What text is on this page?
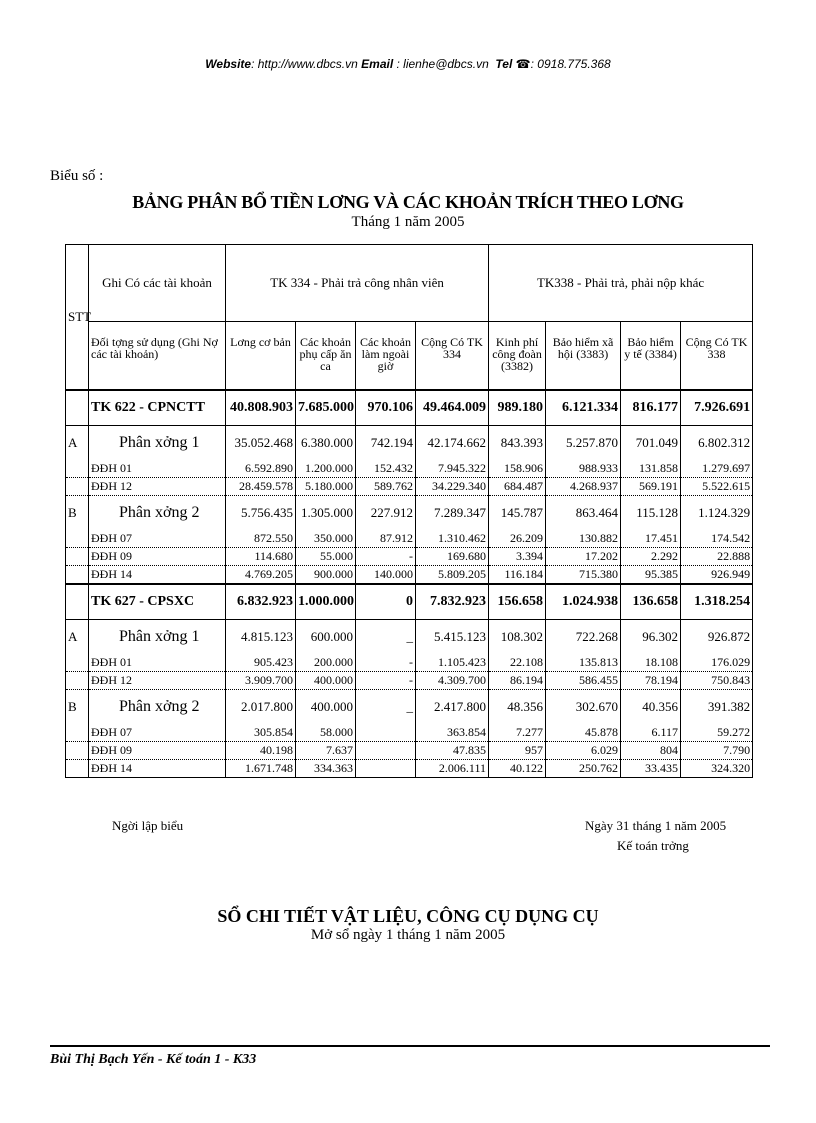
Website: http://www.dbcs.vn Email : lienhe@dbcs.vn Tel ☎: 0918.775.368
Biểu số :
BẢNG PHÂN BỔ TIỀN LƠNG VÀ CÁC KHOẢN TRÍCH THEO LƠNG
Tháng 1 năm 2005
STT	Ghi Có các tài khoản	TK 334 - Phải trả công nhân viên				TK338 - Phải trả, phải nộp khác			
	Đối tợng sử dụng (Ghi Nợ các tài khoản)	Lơng cơ bản	Các khoản phụ cấp ăn ca	Các khoản làm ngoài giờ	Cộng Có TK 334	Kinh phí công đoàn (3382)	Bảo hiểm xã hội (3383)	Bảo hiểm y tế (3384)	Cộng Có TK 338
	TK 622 - CPNCTT	40.808.903	7.685.000	970.106	49.464.009	989.180	6.121.334	816.177	7.926.691
A	Phân xởng 1	35.052.468	6.380.000	742.194	42.174.662	843.393	5.257.870	701.049	6.802.312
	ĐĐH 01	6.592.890	1.200.000	152.432	7.945.322	158.906	988.933	131.858	1.279.697
	ĐĐH 12	28.459.578	5.180.000	589.762	34.229.340	684.487	4.268.937	569.191	5.522.615
B	Phân xởng 2	5.756.435	1.305.000	227.912	7.289.347	145.787	863.464	115.128	1.124.329
	ĐĐH 07	872.550	350.000	87.912	1.310.462	26.209	130.882	17.451	174.542
	ĐĐH 09	114.680	55.000	-	169.680	3.394	17.202	2.292	22.888
	ĐĐH 14	4.769.205	900.000	140.000	5.809.205	116.184	715.380	95.385	926.949
	TK 627 - CPSXC	6.832.923	1.000.000	0	7.832.923	156.658	1.024.938	136.658	1.318.254
A	Phân xởng 1	4.815.123	600.000	_	5.415.123	108.302	722.268	96.302	926.872
	ĐĐH 01	905.423	200.000	-	1.105.423	22.108	135.813	18.108	176.029
	ĐĐH 12	3.909.700	400.000	-	4.309.700	86.194	586.455	78.194	750.843
B	Phân xởng 2	2.017.800	400.000	_	2.417.800	48.356	302.670	40.356	391.382
	ĐĐH 07	305.854	58.000		363.854	7.277	45.878	6.117	59.272
	ĐĐH 09	40.198	7.637		47.835	957	6.029	804	7.790
	ĐĐH 14	1.671.748	334.363		2.006.111	40.122	250.762	33.435	324.320
Ngời lập biểu	Ngày 31 tháng 1 năm 2005
Kế toán trởng
SỔ CHI TIẾT VẬT LIỆU, CÔNG CỤ DỤNG CỤ
Mở sổ ngày 1 tháng 1 năm 2005
Bùi Thị Bạch Yến - Kế toán 1 - K33
